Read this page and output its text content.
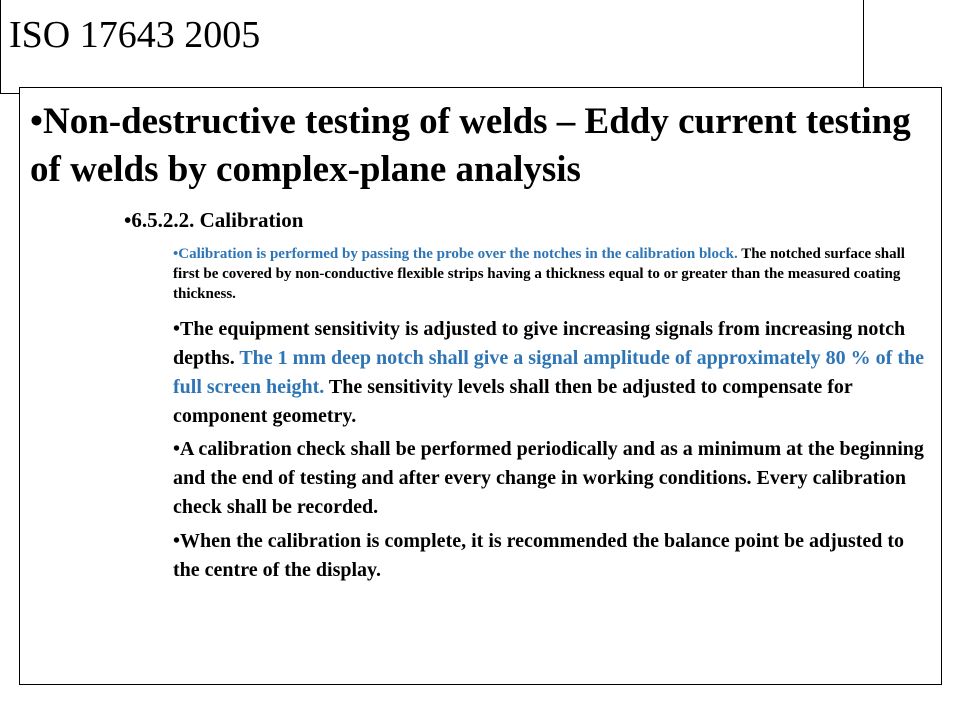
ISO 17643 2005
•Non-destructive testing of welds – Eddy current testing of welds by complex-plane analysis
•6.5.2.2. Calibration
•Calibration is performed by passing the probe over the notches in the calibration block. The notched surface shall first be covered by non-conductive flexible strips having a thickness equal to or greater than the measured coating thickness.
•The equipment sensitivity is adjusted to give increasing signals from increasing notch depths. The 1 mm deep notch shall give a signal amplitude of approximately 80 % of the full screen height. The sensitivity levels shall then be adjusted to compensate for component geometry.
•A calibration check shall be performed periodically and as a minimum at the beginning and the end of testing and after every change in working conditions. Every calibration check shall be recorded.
•When the calibration is complete, it is recommended the balance point be adjusted to the centre of the display.
